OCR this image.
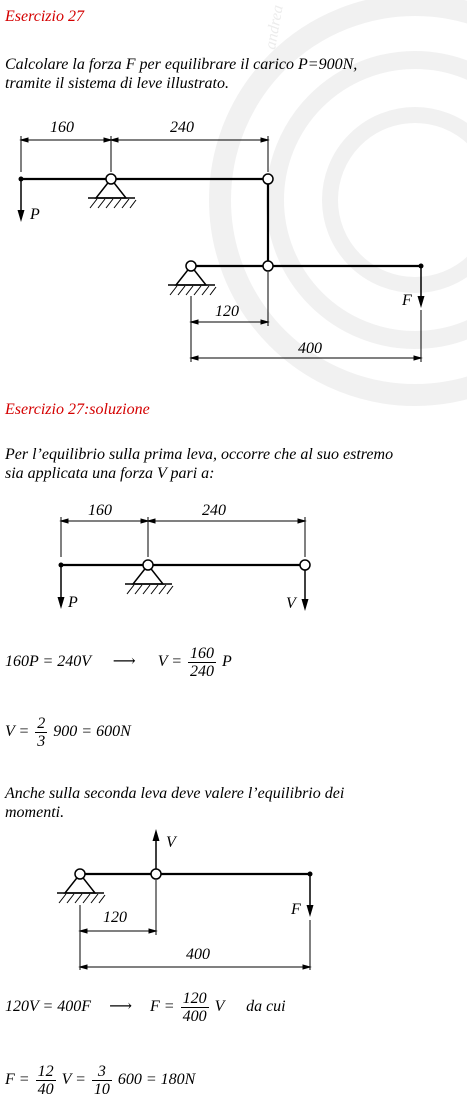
andrea
Esercizio 27
Calcolare la forza F per equilibrare il carico P=900N,
tramite il sistema di leve illustrato.
160	240
P
F
120
400
Esercizio 27:soluzione
Per l’equilibrio sulla prima leva, occorre che al suo estremo
sia applicata una forza V pari a:
160	240
P	V
160P = 240V ⟶ $V = \frac{160}{240}$ P
$V = \frac{2}{3} 900 = 600N$
Anche sulla seconda leva deve valere l’equilibrio dei
momenti.
V
F
120
400
120V = 400F ⟶ $F = \frac{120}{400}$ V da cui
$F = \frac{12}{40}$ $V = \frac{3}{10} 600 = 180N$
